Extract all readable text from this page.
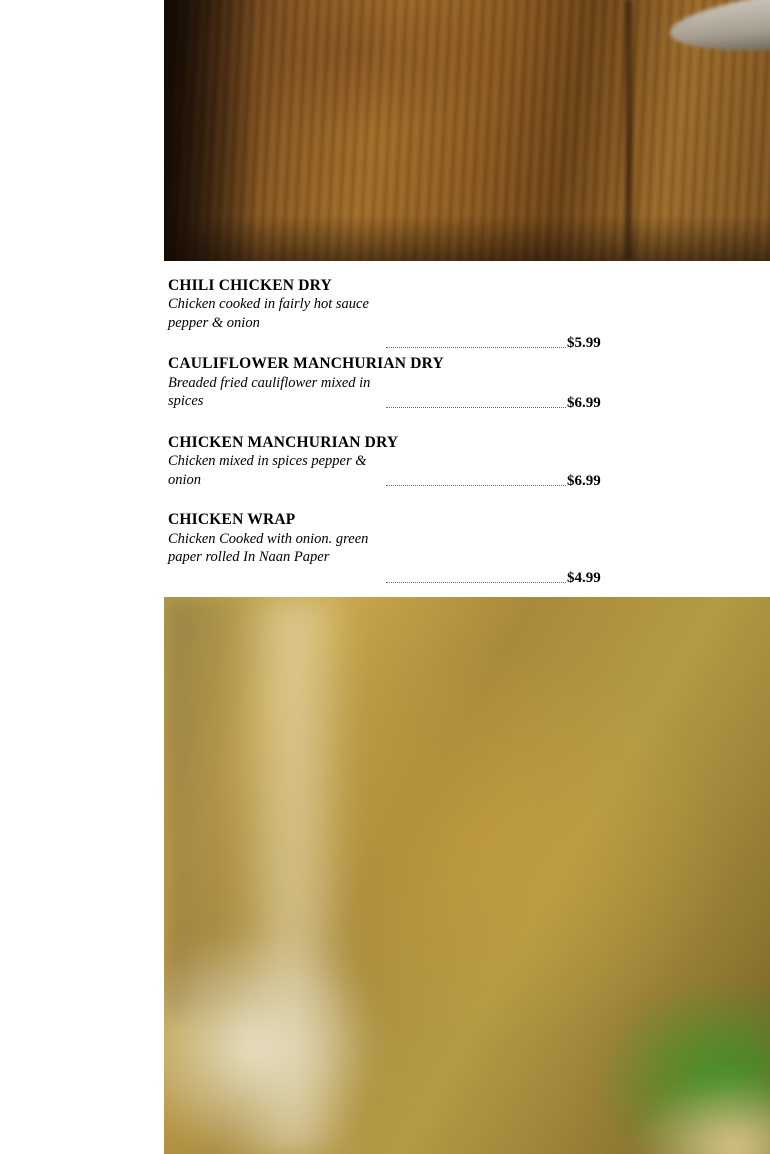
CHILI CHICKEN DRY
Chicken cooked in fairly hot sauce pepper & onion
$5.99
CAULIFLOWER MANCHURIAN DRY
Breaded fried cauliflower mixed in spices	$6.99
CHICKEN MANCHURIAN DRY
Chicken mixed in spices pepper & onion	$6.99
CHICKEN WRAP
Chicken Cooked with onion. green paper rolled In Naan Paper
$4.99
